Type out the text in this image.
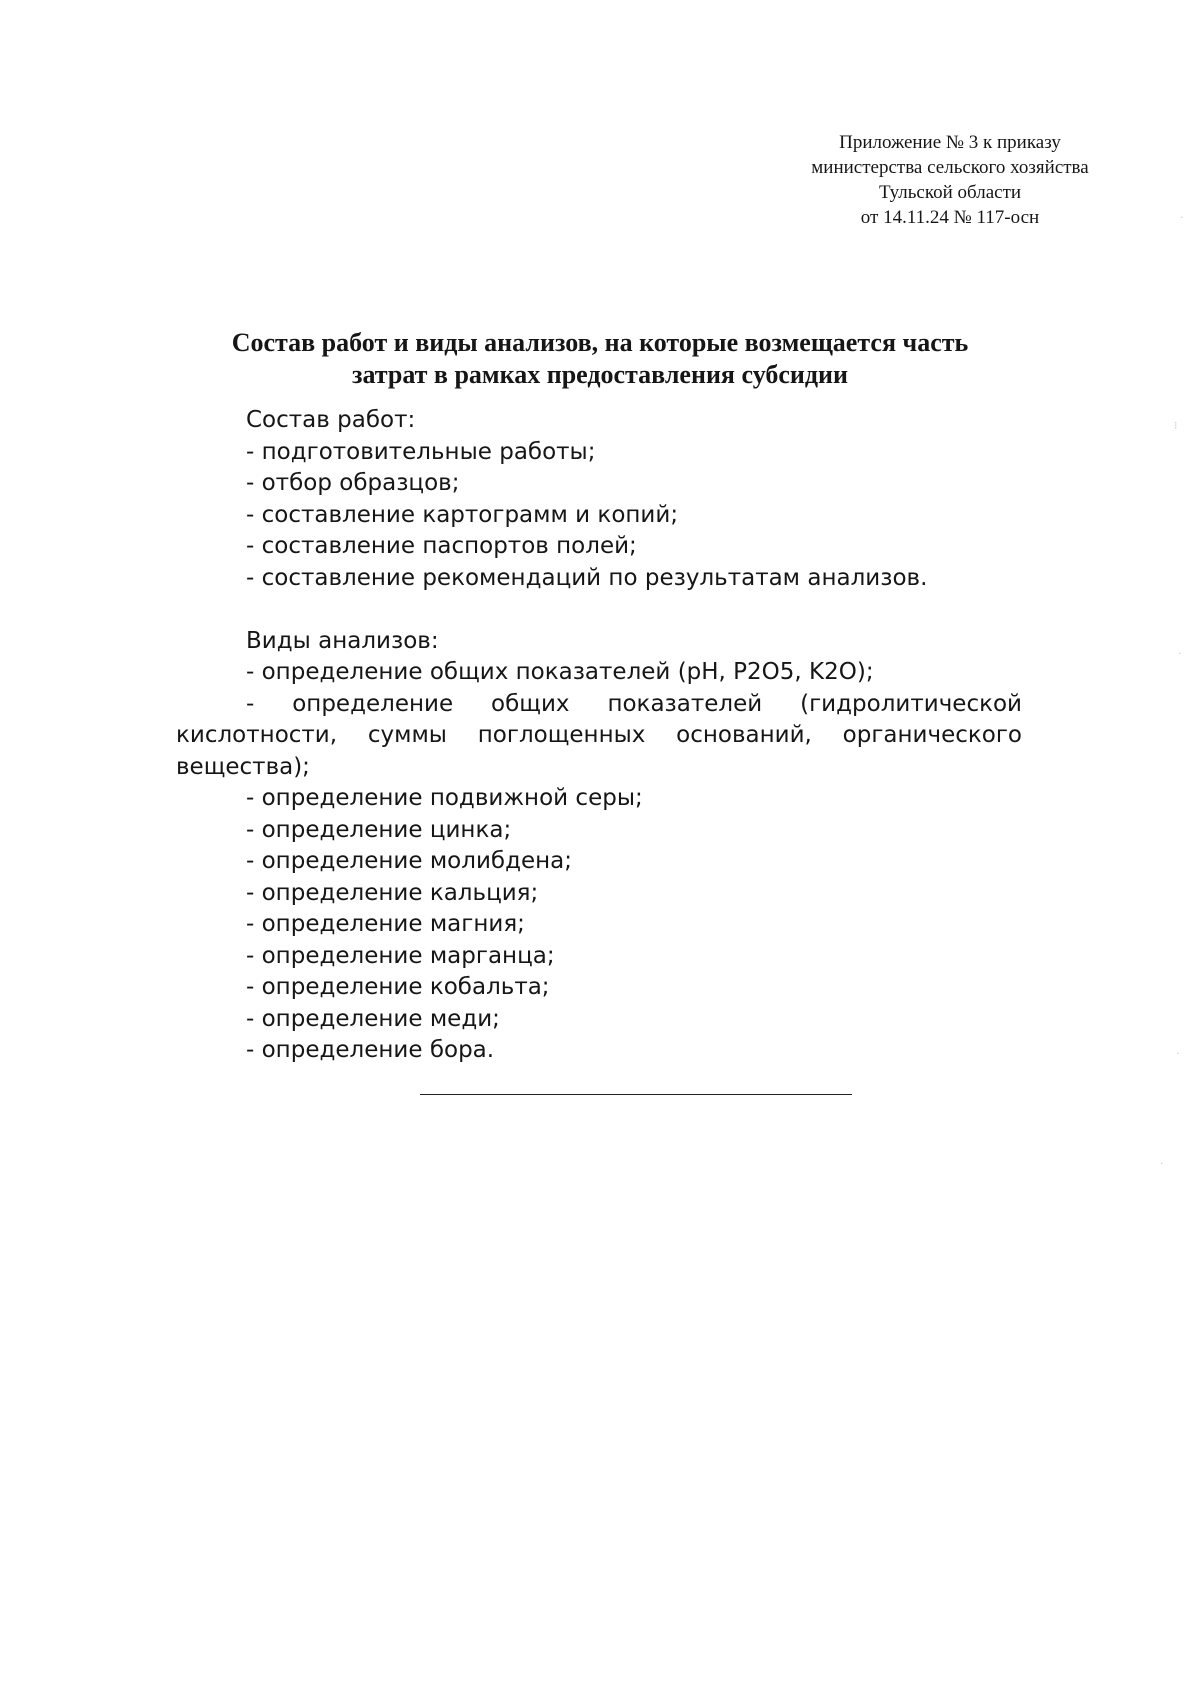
Приложение № 3 к приказу
министерства сельского хозяйства
Тульской области
от 14.11.24 № 117-осн
Состав работ и виды анализов, на которые возмещается часть
затрат в рамках предоставления субсидии
Состав работ:
- подготовительные работы;
- отбор образцов;
- составление картограмм и копий;
- составление паспортов полей;
- составление рекомендаций по результатам анализов.
Виды анализов:
- определение общих показателей (pH, P2O5, K2O);
- определение общих показателей (гидролитической кислотности, суммы поглощенных оснований, органического вещества);
- определение подвижной серы;
- определение цинка;
- определение молибдена;
- определение кальция;
- определение магния;
- определение марганца;
- определение кобальта;
- определение меди;
- определение бора.
·
⁝
·
·
·
